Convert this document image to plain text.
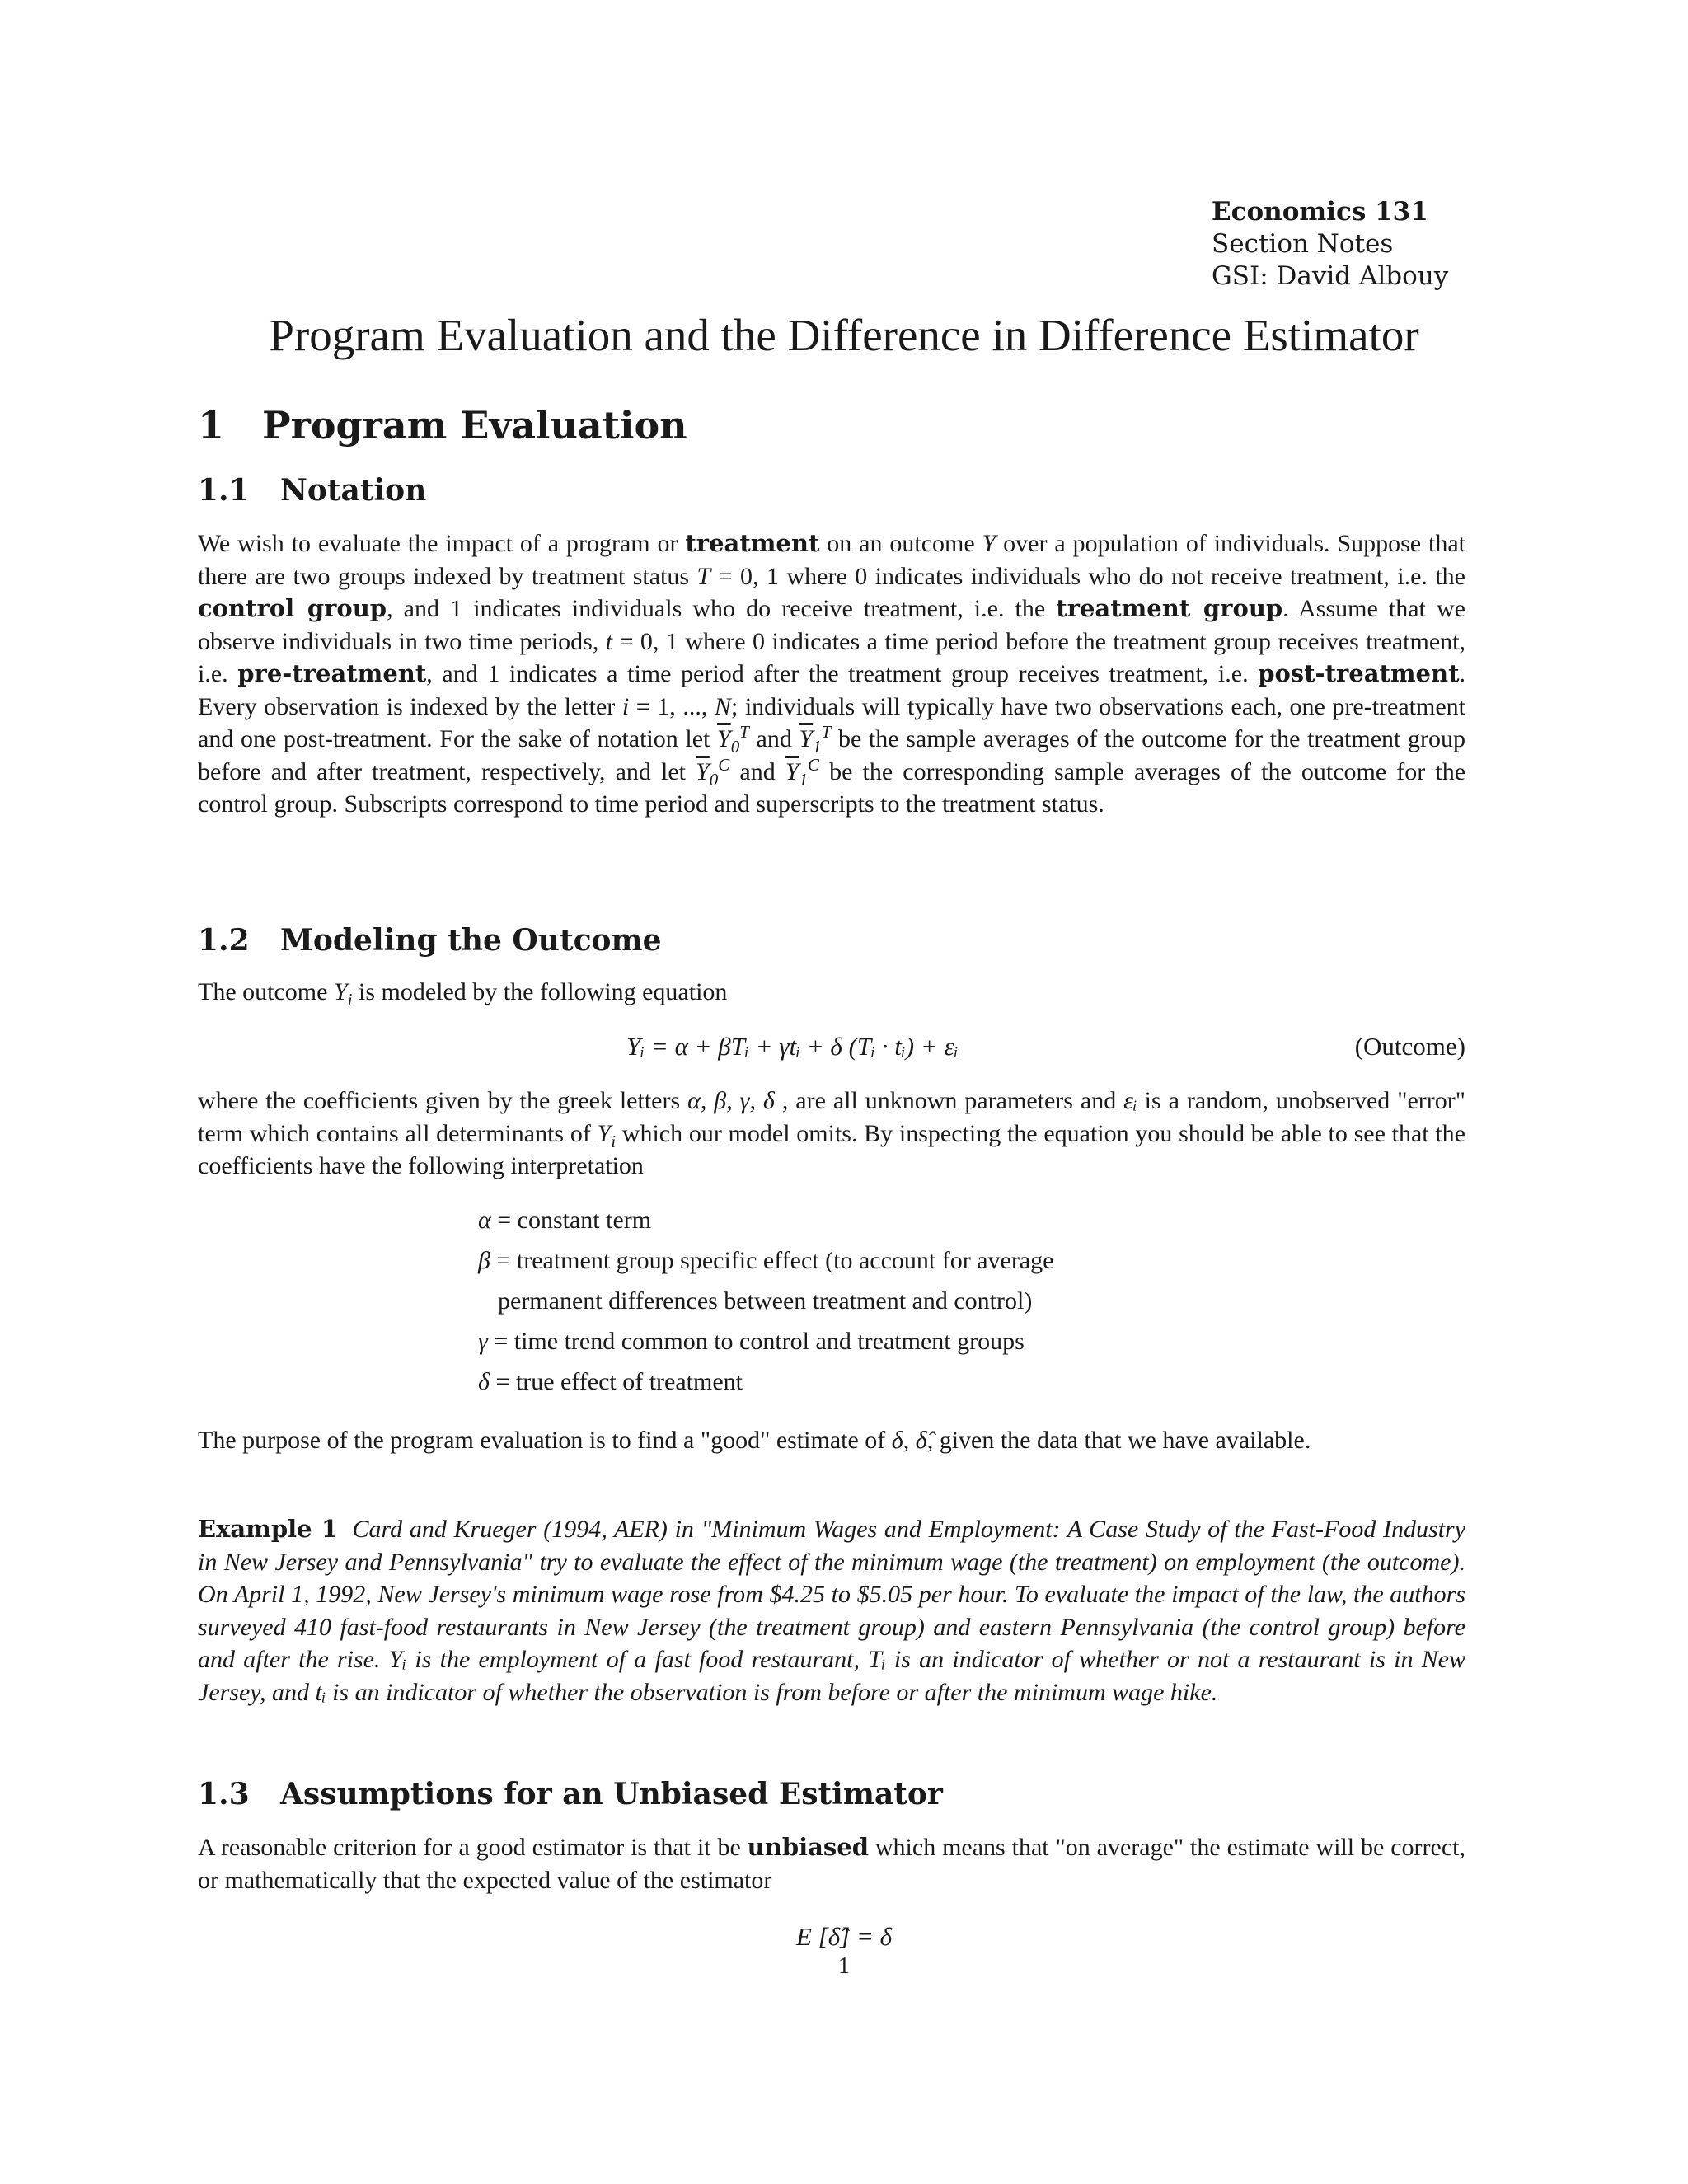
Economics 131
Section Notes
GSI: David Albouy
Program Evaluation and the Difference in Difference Estimator
1 Program Evaluation
1.1 Notation
We wish to evaluate the impact of a program or treatment on an outcome Y over a population of individuals. Suppose that there are two groups indexed by treatment status T = 0, 1 where 0 indicates individuals who do not receive treatment, i.e. the control group, and 1 indicates individuals who do receive treatment, i.e. the treatment group. Assume that we observe individuals in two time periods, t = 0, 1 where 0 indicates a time period before the treatment group receives treatment, i.e. pre-treatment, and 1 indicates a time period after the treatment group receives treatment, i.e. post-treatment. Every observation is indexed by the letter i = 1, ..., N; individuals will typically have two observations each, one pre-treatment and one post-treatment. For the sake of notation let $\overline{Y}_0^T$ and $\overline{Y}_1^T$ be the sample averages of the outcome for the treatment group before and after treatment, respectively, and let $\overline{Y}_0^C$ and $\overline{Y}_1^C$ be the corresponding sample averages of the outcome for the control group. Subscripts correspond to time period and superscripts to the treatment status.
1.2 Modeling the Outcome
The outcome $Y_i$ is modeled by the following equation
Yᵢ = α + βTᵢ + γtᵢ + δ (Tᵢ · tᵢ) + εᵢ	(Outcome)
where the coefficients given by the greek letters α, β, γ, δ , are all unknown parameters and εᵢ is a random, unobserved "error" term which contains all determinants of $Y_i$ which our model omits. By inspecting the equation you should be able to see that the coefficients have the following interpretation
α = constant term
β = treatment group specific effect (to account for average
permanent differences between treatment and control)
γ = time trend common to control and treatment groups
δ = true effect of treatment
The purpose of the program evaluation is to find a "good" estimate of δ, δ̂, given the data that we have available.
Example 1 Card and Krueger (1994, AER) in "Minimum Wages and Employment: A Case Study of the Fast-Food Industry in New Jersey and Pennsylvania" try to evaluate the effect of the minimum wage (the treatment) on employment (the outcome). On April 1, 1992, New Jersey's minimum wage rose from $4.25 to $5.05 per hour. To evaluate the impact of the law, the authors surveyed 410 fast-food restaurants in New Jersey (the treatment group) and eastern Pennsylvania (the control group) before and after the rise. Yᵢ is the employment of a fast food restaurant, Tᵢ is an indicator of whether or not a restaurant is in New Jersey, and tᵢ is an indicator of whether the observation is from before or after the minimum wage hike.
1.3 Assumptions for an Unbiased Estimator
A reasonable criterion for a good estimator is that it be unbiased which means that "on average" the estimate will be correct, or mathematically that the expected value of the estimator
E [δ̂] = δ
1
